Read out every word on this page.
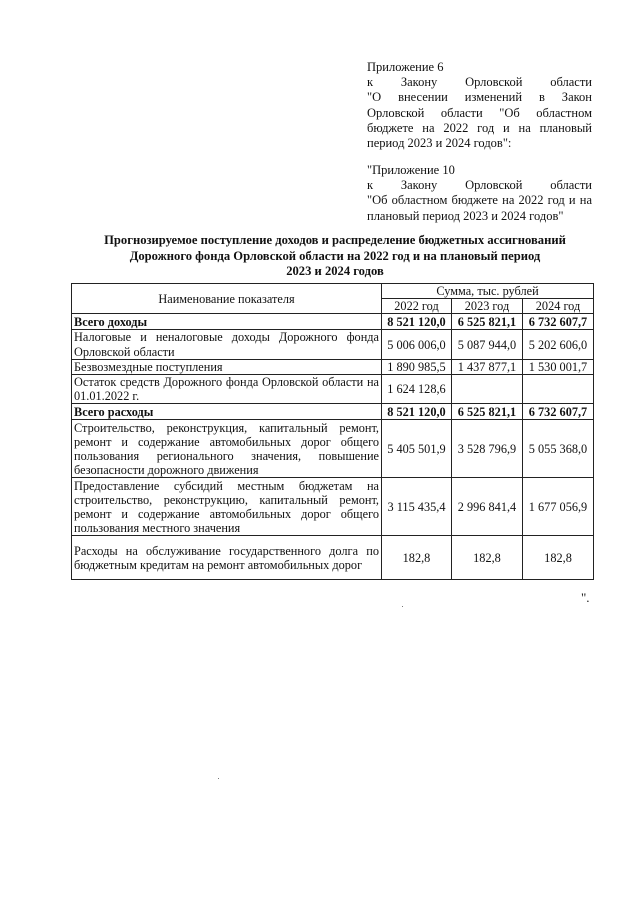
Приложение 6
к Закону Орловской области
"О внесении изменений в Закон
Орловской области "Об областном
бюджете на 2022 год и на плановый
период 2023 и 2024 годов":
"Приложение 10
к Закону Орловской области
"Об областном бюджете на 2022 год и на
плановый период 2023 и 2024 годов"
Прогнозируемое поступление доходов и распределение бюджетных ассигнований
Дорожного фонда Орловской области на 2022 год и на плановый период
2023 и 2024 годов
Наименование показателя	Сумма, тыс. рублей		
	2022 год	2023 год	2024 год
Всего доходы	8 521 120,0	6 525 821,1	6 732 607,7
Налоговые и неналоговые доходы Дорожного фонда Орловской области	5 006 006,0	5 087 944,0	5 202 606,0
Безвозмездные поступления	1 890 985,5	1 437 877,1	1 530 001,7
Остаток средств Дорожного фонда Орловской области на 01.01.2022 г.	1 624 128,6		
Всего расходы	8 521 120,0	6 525 821,1	6 732 607,7
Строительство, реконструкция, капитальный ремонт, ремонт и содержание автомобильных дорог общего пользования регионального значения, повышение безопасности дорожного движения	5 405 501,9	3 528 796,9	5 055 368,0
Предоставление субсидий местным бюджетам на строительство, реконструкцию, капитальный ремонт, ремонт и содержание автомобильных дорог общего пользования местного значения	3 115 435,4	2 996 841,4	1 677 056,9
Расходы на обслуживание государственного долга по бюджетным кредитам на ремонт автомобильных дорог	182,8	182,8	182,8
".
